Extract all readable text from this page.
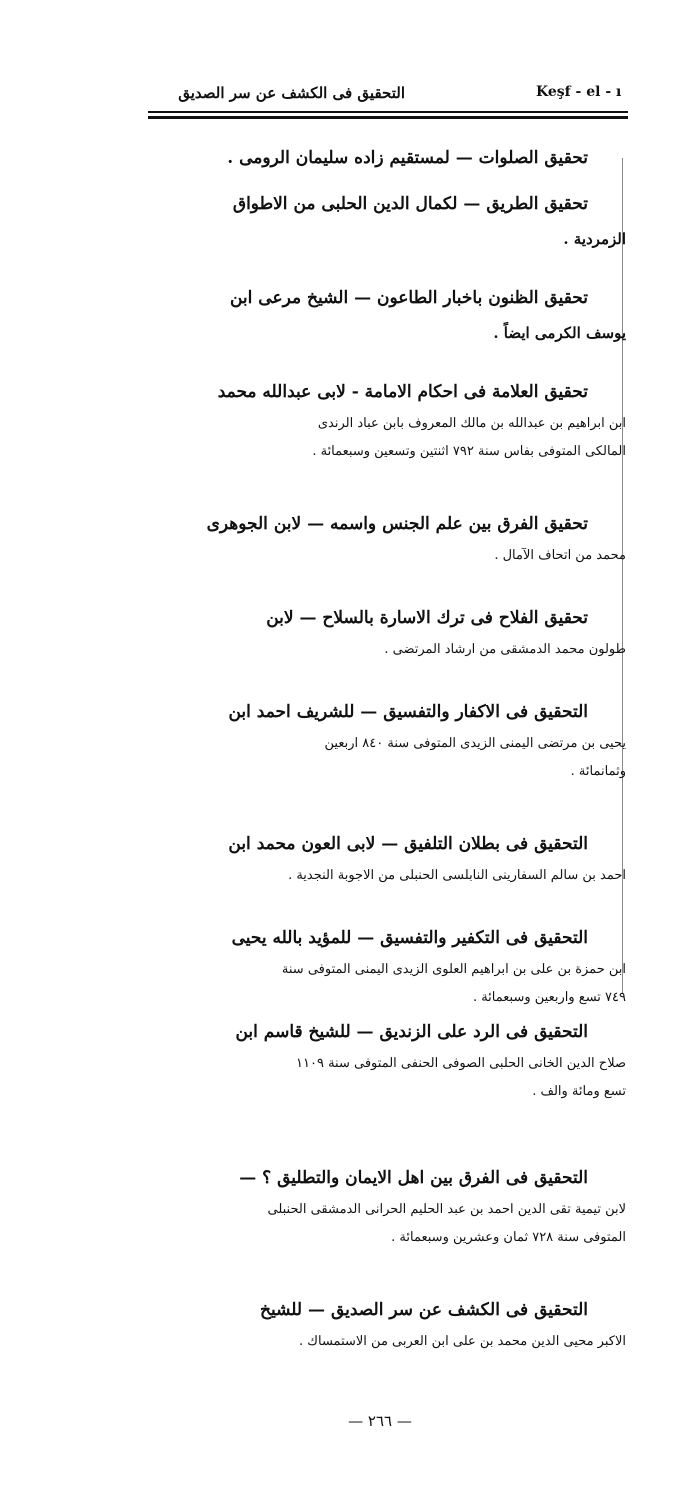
التحقيق فى الكشف عن سر الصديق	Keşf - el - ı
تحقيق الصلوات — لمستقيم زاده سليمان الرومى .
تحقيق الطريق — لكمال الدين الحلبى من الاطواق
الزمردية .
تحقيق الظنون باخبار الطاعون — الشيخ مرعى ابن
يوسف الكرمى ايضاً .
تحقيق العلامة فى احكام الامامة - لابى عبدالله محمد
ابن ابراهيم بن عبدالله بن مالك المعروف بابن عباد الرندى
المالكى المتوفى بفاس سنة ٧٩٢ اثنتين وتسعين وسبعمائة .
تحقيق الفرق بين علم الجنس واسمه — لابن الجوهرى
محمد من اتحاف الآمال .
تحقيق الفلاح فى ترك الاسارة بالسلاح — لابن
طولون محمد الدمشقى من ارشاد المرتضى .
التحقيق فى الاكفار والتفسيق — للشريف احمد ابن
يحيى بن مرتضى اليمنى الزيدى المتوفى سنة ٨٤٠ اربعين
وثمانمائة .
التحقيق فى بطلان التلفيق — لابى العون محمد ابن
احمد بن سالم السفارينى النابلسى الحنبلى من الاجوبة النجدية .
التحقيق فى التكفير والتفسيق — للمؤيد بالله يحيى
ابن حمزة بن على بن ابراهيم العلوى الزيدى اليمنى المتوفى سنة
٧٤٩ تسع واربعين وسبعمائة .
التحقيق فى الرد على الزنديق — للشيخ قاسم ابن
صلاح الدين الخانى الحلبى الصوفى الحنفى المتوفى سنة ١١٠٩
تسع ومائة والف .
التحقيق فى الفرق بين اهل الايمان والتطليق ؟ —
لابن تيمية تقى الدين احمد بن عبد الحليم الحرانى الدمشقى الحنبلى
المتوفى سنة ٧٢٨ ثمان وعشرين وسبعمائة .
التحقيق فى الكشف عن سر الصديق — للشيخ
الاكبر محيى الدين محمد بن على ابن العربى من الاستمساك .
— ٢٦٦ —
